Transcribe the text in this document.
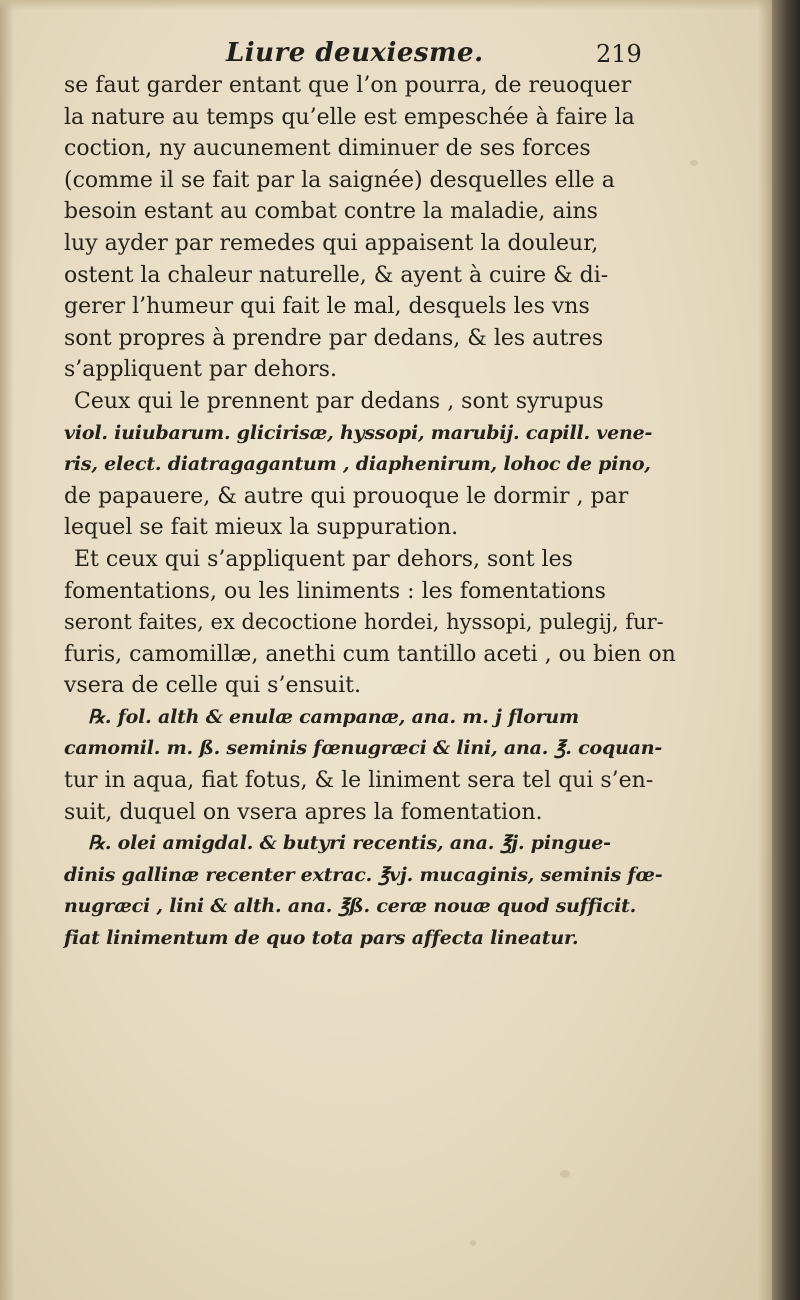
Liure deuxiesme.	219
se faut garder entant que l’on pourra, de reuoquer
la nature au temps qu’elle est empeschée à faire la
coction, ny aucunement diminuer de ses forces
(comme il se fait par la saignée) desquelles elle a
besoin estant au combat contre la maladie, ains
luy ayder par remedes qui appaisent la douleur,
ostent la chaleur naturelle, & ayent à cuire & di-
gerer l’humeur qui fait le mal, desquels les vns
sont propres à prendre par dedans, & les autres
s’appliquent par dehors.
Ceux qui le prennent par dedans , sont syrupus
viol. iuiubarum. glicirisæ, hyssopi, marubij. capill. vene-
ris, elect. diatragagantum , diaphenirum, lohoc de pino,
de papauere, & autre qui prouoque le dormir , par
lequel se fait mieux la suppuration.
Et ceux qui s’appliquent par dehors, sont les
fomentations, ou les liniments : les fomentations
seront faites, ex decoctione hordei, hyssopi, pulegij, fur-
furis, camomillæ, anethi cum tantillo aceti , ou bien on
vsera de celle qui s’ensuit.
℞. fol. alth & enulæ campanæ, ana. m. j florum
camomil. m. ß. seminis fœnugræci & lini, ana. ℥. coquan-
tur in aqua, fiat fotus, & le liniment sera tel qui s’en-
suit, duquel on vsera apres la fomentation.
℞. olei amigdal. & butyri recentis, ana. ℥j. pingue-
dinis gallinæ recenter extrac. ℥vj. mucaginis, seminis fœ-
nugræci , lini & alth. ana. ℥ß. ceræ nouæ quod sufficit.
fiat linimentum de quo tota pars affecta lineatur.
